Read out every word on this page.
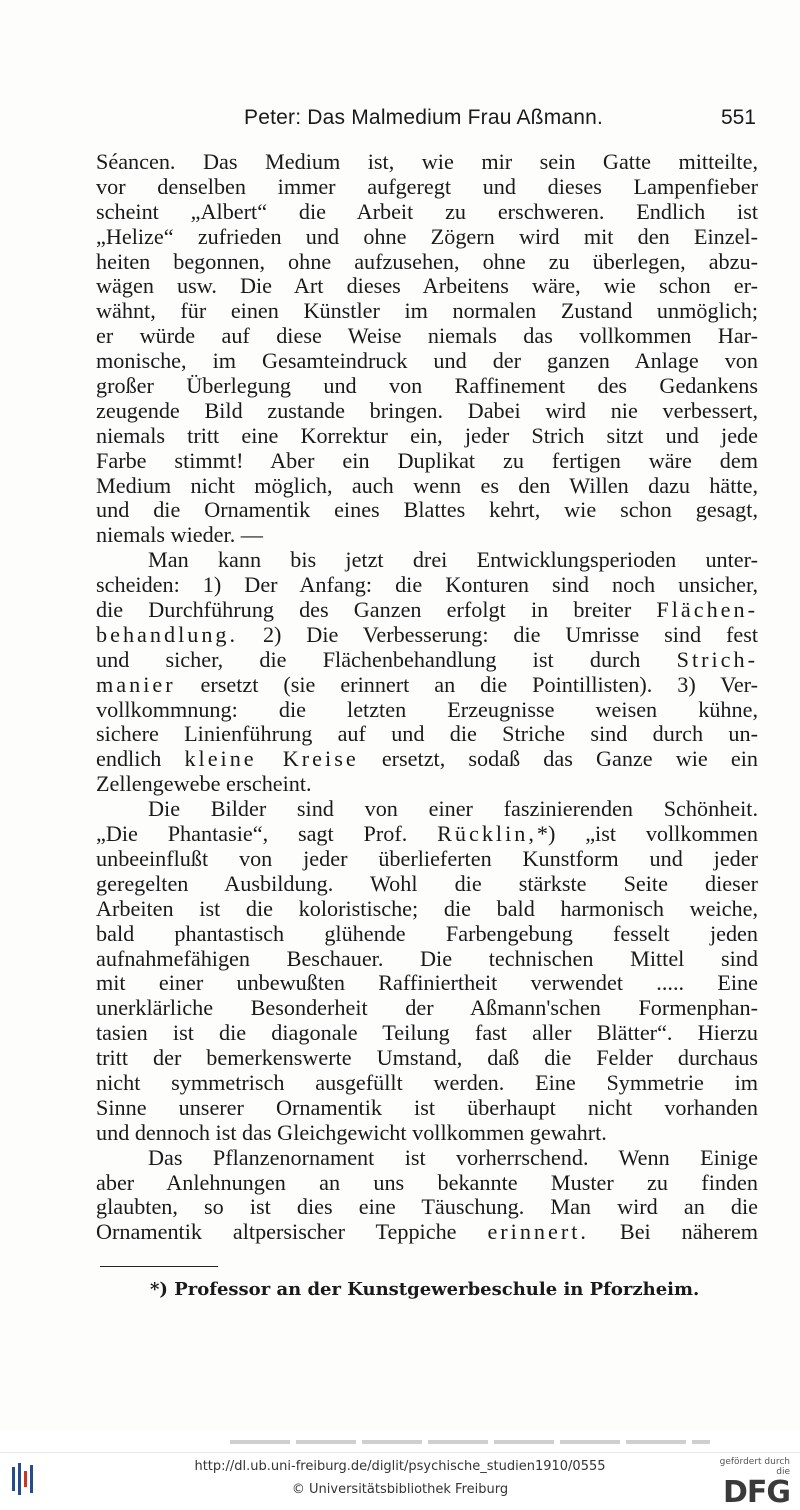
Peter: Das Malmedium Frau Aßmann.	551
Séancen. Das Medium ist, wie mir sein Gatte mitteilte,
vor denselben immer aufgeregt und dieses Lampenfieber
scheint „Albert“ die Arbeit zu erschweren. Endlich ist
„Helize“ zufrieden und ohne Zögern wird mit den Einzel-
heiten begonnen, ohne aufzusehen, ohne zu überlegen, abzu-
wägen usw. Die Art dieses Arbeitens wäre, wie schon er-
wähnt, für einen Künstler im normalen Zustand unmöglich;
er würde auf diese Weise niemals das vollkommen Har-
monische, im Gesamteindruck und der ganzen Anlage von
großer Überlegung und von Raffinement des Gedankens
zeugende Bild zustande bringen. Dabei wird nie verbessert,
niemals tritt eine Korrektur ein, jeder Strich sitzt und jede
Farbe stimmt! Aber ein Duplikat zu fertigen wäre dem
Medium nicht möglich, auch wenn es den Willen dazu hätte,
und die Ornamentik eines Blattes kehrt, wie schon gesagt,
niemals wieder. —
Man kann bis jetzt drei Entwicklungsperioden unter-
scheiden: 1) Der Anfang: die Konturen sind noch unsicher,
die Durchführung des Ganzen erfolgt in breiter Flächen-
behandlung. 2) Die Verbesserung: die Umrisse sind fest
und sicher, die Flächenbehandlung ist durch Strich-
manier ersetzt (sie erinnert an die Pointillisten). 3) Ver-
vollkommnung: die letzten Erzeugnisse weisen kühne,
sichere Linienführung auf und die Striche sind durch un-
endlich kleine Kreise ersetzt, sodaß das Ganze wie ein
Zellengewebe erscheint.
Die Bilder sind von einer faszinierenden Schönheit.
„Die Phantasie“, sagt Prof. Rücklin,*) „ist vollkommen
unbeeinflußt von jeder überlieferten Kunstform und jeder
geregelten Ausbildung. Wohl die stärkste Seite dieser
Arbeiten ist die koloristische; die bald harmonisch weiche,
bald phantastisch glühende Farbengebung fesselt jeden
aufnahmefähigen Beschauer. Die technischen Mittel sind
mit einer unbewußten Raffiniertheit verwendet ..... Eine
unerklärliche Besonderheit der Aßmann'schen Formenphan-
tasien ist die diagonale Teilung fast aller Blätter“. Hierzu
tritt der bemerkenswerte Umstand, daß die Felder durchaus
nicht symmetrisch ausgefüllt werden. Eine Symmetrie im
Sinne unserer Ornamentik ist überhaupt nicht vorhanden
und dennoch ist das Gleichgewicht vollkommen gewahrt.
Das Pflanzenornament ist vorherrschend. Wenn Einige
aber Anlehnungen an uns bekannte Muster zu finden
glaubten, so ist dies eine Täuschung. Man wird an die
Ornamentik altpersischer Teppiche erinnert. Bei näherem
*) Professor an der Kunstgewerbeschule in Pforzheim.
http://dl.ub.uni-freiburg.de/diglit/psychische_studien1910/0555
© Universitätsbibliothek Freiburg
gefördert durch die
DFG
